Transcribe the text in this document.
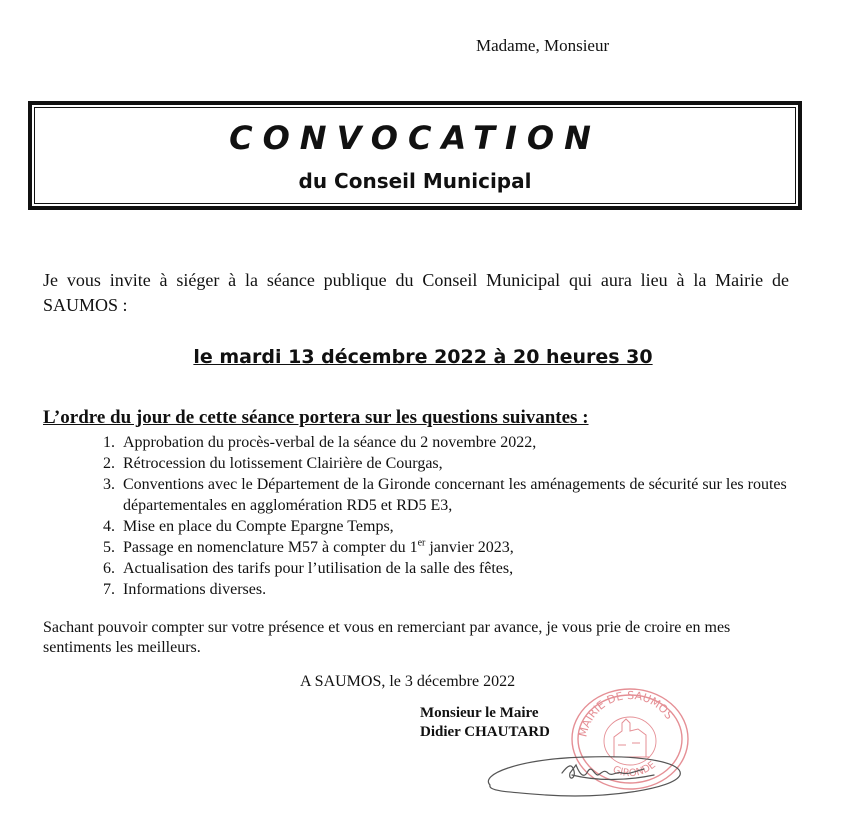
Madame, Monsieur
CONVOCATION
du Conseil Municipal
Je vous invite à siéger à la séance publique du Conseil Municipal qui aura lieu à la Mairie de SAUMOS :
le mardi 13 décembre 2022 à 20 heures 30
L’ordre du jour de cette séance portera sur les questions suivantes :
1. Approbation du procès-verbal de la séance du 2 novembre 2022,
2. Rétrocession du lotissement Clairière de Courgas,
3. Conventions avec le Département de la Gironde concernant les aménagements de sécurité sur les routes départementales en agglomération RD5 et RD5 E3,
4. Mise en place du Compte Epargne Temps,
5. Passage en nomenclature M57 à compter du 1er janvier 2023,
6. Actualisation des tarifs pour l’utilisation de la salle des fêtes,
7. Informations diverses.
Sachant pouvoir compter sur votre présence et vous en remerciant par avance, je vous prie de croire en mes sentiments les meilleurs.
A SAUMOS, le 3 décembre 2022
Monsieur le Maire
Didier CHAUTARD MAIRIE DE SAUMOS
GIRONDE
